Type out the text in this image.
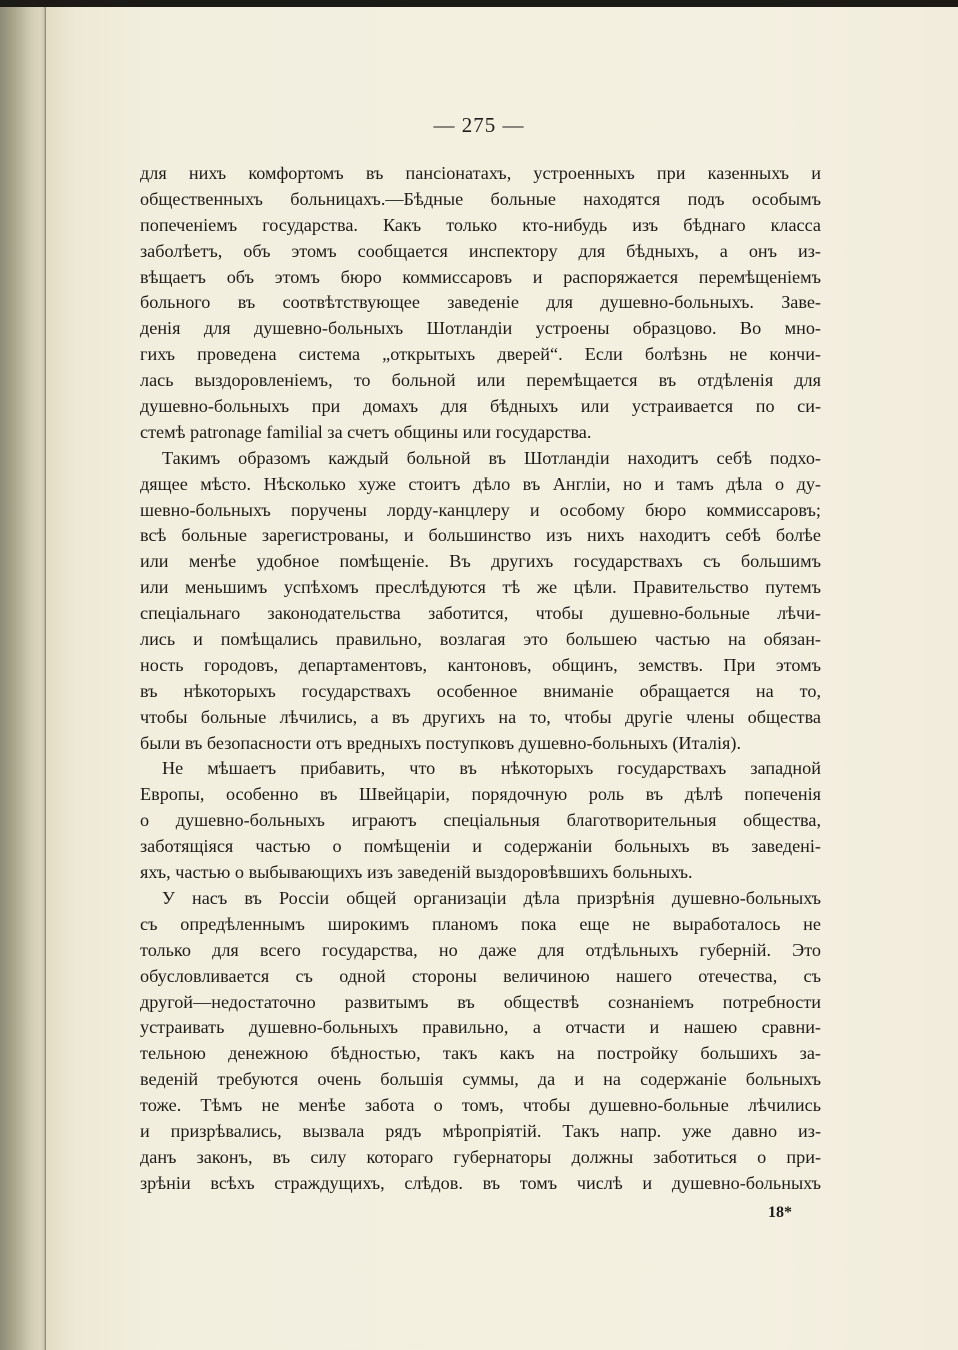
— 275 —
для нихъ комфортомъ въ пансіонатахъ, устроенныхъ при казенныхъ и
общественныхъ больницахъ.—Бѣдные больные находятся подъ особымъ
попеченіемъ государства. Какъ только кто-нибудь изъ бѣднаго класса
заболѣетъ, объ этомъ сообщается инспектору для бѣдныхъ, а онъ из-
вѣщаетъ объ этомъ бюро коммиссаровъ и распоряжается перемѣщеніемъ
больного въ соотвѣтствующее заведеніе для душевно-больныхъ. Заве-
денія для душевно-больныхъ Шотландіи устроены образцово. Во мно-
гихъ проведена система „открытыхъ дверей“. Если болѣзнь не кончи-
лась выздоровленіемъ, то больной или перемѣщается въ отдѣленія для
душевно-больныхъ при домахъ для бѣдныхъ или устраивается по си-
стемѣ patronage familial за счетъ общины или государства.
Такимъ образомъ каждый больной въ Шотландіи находитъ себѣ подхо-
дящее мѣсто. Нѣсколько хуже стоитъ дѣло въ Англіи, но и тамъ дѣла о ду-
шевно-больныхъ поручены лорду-канцлеру и особому бюро коммиссаровъ;
всѣ больные зарегистрованы, и большинство изъ нихъ находитъ себѣ болѣе
или менѣе удобное помѣщеніе. Въ другихъ государствахъ съ большимъ
или меньшимъ успѣхомъ преслѣдуются тѣ же цѣли. Правительство путемъ
спеціальнаго законодательства заботится, чтобы душевно-больные лѣчи-
лись и помѣщались правильно, возлагая это большею частью на обязан-
ность городовъ, департаментовъ, кантоновъ, общинъ, земствъ. При этомъ
въ нѣкоторыхъ государствахъ особенное вниманіе обращается на то,
чтобы больные лѣчились, а въ другихъ на то, чтобы другіе члены общества
были въ безопасности отъ вредныхъ поступковъ душевно-больныхъ (Италія).
Не мѣшаетъ прибавить, что въ нѣкоторыхъ государствахъ западной
Европы, особенно въ Швейцаріи, порядочную роль въ дѣлѣ попеченія
о душевно-больныхъ играютъ спеціальныя благотворительныя общества,
заботящіяся частью о помѣщеніи и содержаніи больныхъ въ заведені-
яхъ, частью о выбывающихъ изъ заведеній выздоровѣвшихъ больныхъ.
У насъ въ Россіи общей организаціи дѣла призрѣнія душевно-больныхъ
съ опредѣленнымъ широкимъ планомъ пока еще не выработалось не
только для всего государства, но даже для отдѣльныхъ губерній. Это
обусловливается съ одной стороны величиною нашего отечества, съ
другой—недостаточно развитымъ въ обществѣ сознаніемъ потребности
устраивать душевно-больныхъ правильно, а отчасти и нашею сравни-
тельною денежною бѣдностью, такъ какъ на постройку большихъ за-
веденій требуются очень большія суммы, да и на содержаніе больныхъ
тоже. Тѣмъ не менѣе забота о томъ, чтобы душевно-больные лѣчились
и призрѣвались, вызвала рядъ мѣропріятій. Такъ напр. уже давно из-
данъ законъ, въ силу котораго губернаторы должны заботиться о при-
зрѣніи всѣхъ страждущихъ, слѣдов. въ томъ числѣ и душевно-больныхъ
18*
